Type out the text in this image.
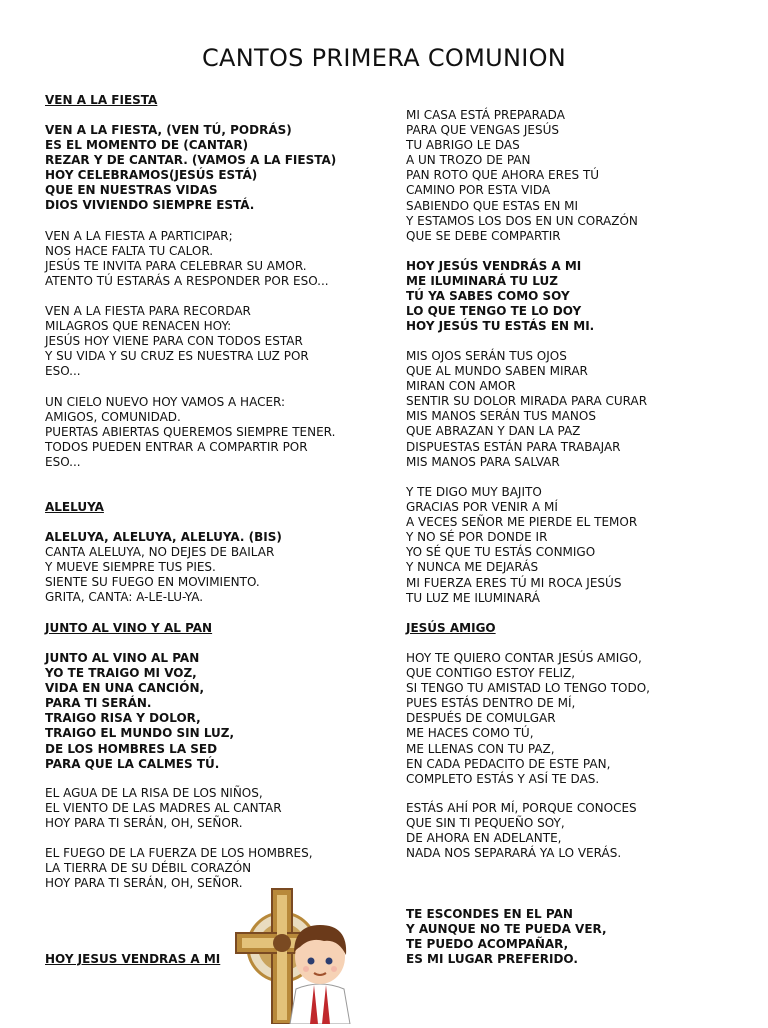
CANTOS PRIMERA COMUNION
VEN A LA FIESTA
VEN A LA FIESTA, (VEN TÚ, PODRÁS)
ES EL MOMENTO DE (CANTAR)
REZAR Y DE CANTAR. (VAMOS A LA FIESTA)
HOY CELEBRAMOS(JESÚS ESTÁ)
QUE EN NUESTRAS VIDAS
DIOS VIVIENDO SIEMPRE ESTÁ.
VEN A LA FIESTA A PARTICIPAR;
NOS HACE FALTA TU CALOR.
JESÚS TE INVITA PARA CELEBRAR SU AMOR.
ATENTO TÚ ESTARÁS A RESPONDER POR ESO...
VEN A LA FIESTA PARA RECORDAR
MILAGROS QUE RENACEN HOY:
JESÚS HOY VIENE PARA CON TODOS ESTAR
Y SU VIDA Y SU CRUZ ES NUESTRA LUZ POR
ESO...
UN CIELO NUEVO HOY VAMOS A HACER:
AMIGOS, COMUNIDAD.
PUERTAS ABIERTAS QUEREMOS SIEMPRE TENER.
TODOS PUEDEN ENTRAR A COMPARTIR POR
ESO...
ALELUYA
ALELUYA, ALELUYA, ALELUYA. (BIS)
CANTA ALELUYA, NO DEJES DE BAILAR
Y MUEVE SIEMPRE TUS PIES.
SIENTE SU FUEGO EN MOVIMIENTO.
GRITA, CANTA: A-LE-LU-YA.
JUNTO AL VINO Y AL PAN
JUNTO AL VINO AL PAN
YO TE TRAIGO MI VOZ,
VIDA EN UNA CANCIÓN,
PARA TI SERÁN.
TRAIGO RISA Y DOLOR,
TRAIGO EL MUNDO SIN LUZ,
DE LOS HOMBRES LA SED
PARA QUE LA CALMES TÚ.
EL AGUA DE LA RISA DE LOS NIÑOS,
EL VIENTO DE LAS MADRES AL CANTAR
HOY PARA TI SERÁN, OH, SEÑOR.
EL FUEGO DE LA FUERZA DE LOS HOMBRES,
LA TIERRA DE SU DÉBIL CORAZÓN
HOY PARA TI SERÁN, OH, SEÑOR.
HOY JESUS VENDRAS A MI
MI CASA ESTÁ PREPARADA
PARA QUE VENGAS JESÚS
TU ABRIGO LE DAS
A UN TROZO DE PAN
PAN ROTO QUE AHORA ERES TÚ
CAMINO POR ESTA VIDA
SABIENDO QUE ESTAS EN MI
Y ESTAMOS LOS DOS EN UN CORAZÓN
QUE SE DEBE COMPARTIR
HOY JESÚS VENDRÁS A MI
ME ILUMINARÁ TU LUZ
TÚ YA SABES COMO SOY
LO QUE TENGO TE LO DOY
HOY JESÚS TU ESTÁS EN MI.
MIS OJOS SERÁN TUS OJOS
QUE AL MUNDO SABEN MIRAR
MIRAN CON AMOR
SENTIR SU DOLOR MIRADA PARA CURAR
MIS MANOS SERÁN TUS MANOS
QUE ABRAZAN Y DAN LA PAZ
DISPUESTAS ESTÁN PARA TRABAJAR
MIS MANOS PARA SALVAR
Y TE DIGO MUY BAJITO
GRACIAS POR VENIR A MÍ
A VECES SEÑOR ME PIERDE EL TEMOR
Y NO SÉ POR DONDE IR
YO SÉ QUE TU ESTÁS CONMIGO
Y NUNCA ME DEJARÁS
MI FUERZA ERES TÚ MI ROCA JESÚS
TU LUZ ME ILUMINARÁ
JESÚS AMIGO
HOY TE QUIERO CONTAR JESÚS AMIGO,
QUE CONTIGO ESTOY FELIZ,
SI TENGO TU AMISTAD LO TENGO TODO,
PUES ESTÁS DENTRO DE MÍ,
DESPUÉS DE COMULGAR
ME HACES COMO TÚ,
ME LLENAS CON TU PAZ,
EN CADA PEDACITO DE ESTE PAN,
COMPLETO ESTÁS Y ASÍ TE DAS.
ESTÁS AHÍ POR MÍ, PORQUE CONOCES
QUE SIN TI PEQUEÑO SOY,
DE AHORA EN ADELANTE,
NADA NOS SEPARARÁ YA LO VERÁS.
TE ESCONDES EN EL PAN
Y AUNQUE NO TE PUEDA VER,
TE PUEDO ACOMPAÑAR,
ES MI LUGAR PREFERIDO.
